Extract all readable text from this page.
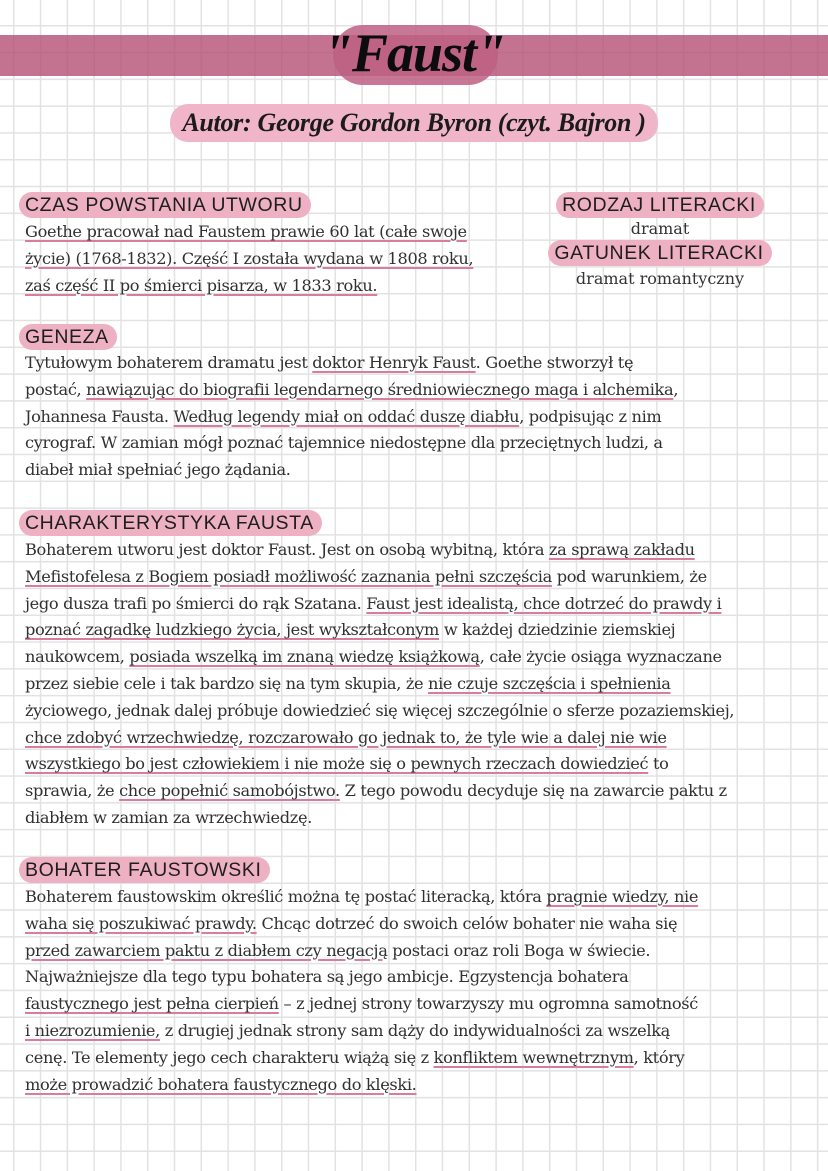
"Faust"
Autor: George Gordon Byron (czyt. Bajron )
CZAS POWSTANIA UTWORU
Goethe pracował nad Faustem prawie 60 lat (całe swoje
życie) (1768-1832). Część I została wydana w 1808 roku,
zaś część II po śmierci pisarza, w 1833 roku.
RODZAJ LITERACKI
dramat
GATUNEK LITERACKI
dramat romantyczny
GENEZA
Tytułowym bohaterem dramatu jest doktor Henryk Faust. Goethe stworzył tę
postać, nawiązując do biografii legendarnego średniowiecznego maga i alchemika,
Johannesa Fausta. Według legendy miał on oddać duszę diabłu, podpisując z nim
cyrograf. W zamian mógł poznać tajemnice niedostępne dla przeciętnych ludzi, a
diabeł miał spełniać jego żądania.
CHARAKTERYSTYKA FAUSTA
Bohaterem utworu jest doktor Faust. Jest on osobą wybitną, która za sprawą zakładu
Mefistofelesa z Bogiem posiadł możliwość zaznania pełni szczęścia pod warunkiem, że
jego dusza trafi po śmierci do rąk Szatana. Faust jest idealistą, chce dotrzeć do prawdy i
poznać zagadkę ludzkiego życia, jest wykształconym w każdej dziedzinie ziemskiej
naukowcem, posiada wszelką im znaną wiedzę książkową, całe życie osiąga wyznaczane
przez siebie cele i tak bardzo się na tym skupia, że nie czuje szczęścia i spełnienia
życiowego, jednak dalej próbuje dowiedzieć się więcej szczególnie o sferze pozaziemskiej,
chce zdobyć wrzechwiedzę, rozczarowało go jednak to, że tyle wie a dalej nie wie
wszystkiego bo jest człowiekiem i nie może się o pewnych rzeczach dowiedzieć to
sprawia, że chce popełnić samobójstwo. Z tego powodu decyduje się na zawarcie paktu z
diabłem w zamian za wrzechwiedzę.
BOHATER FAUSTOWSKI
Bohaterem faustowskim określić można tę postać literacką, która pragnie wiedzy, nie
waha się poszukiwać prawdy. Chcąc dotrzeć do swoich celów bohater nie waha się
przed zawarciem paktu z diabłem czy negacją postaci oraz roli Boga w świecie.
Najważniejsze dla tego typu bohatera są jego ambicje. Egzystencja bohatera
faustycznego jest pełna cierpień – z jednej strony towarzyszy mu ogromna samotność
i niezrozumienie, z drugiej jednak strony sam dąży do indywidualności za wszelką
cenę. Te elementy jego cech charakteru wiążą się z konfliktem wewnętrznym, który
może prowadzić bohatera faustycznego do klęski.
